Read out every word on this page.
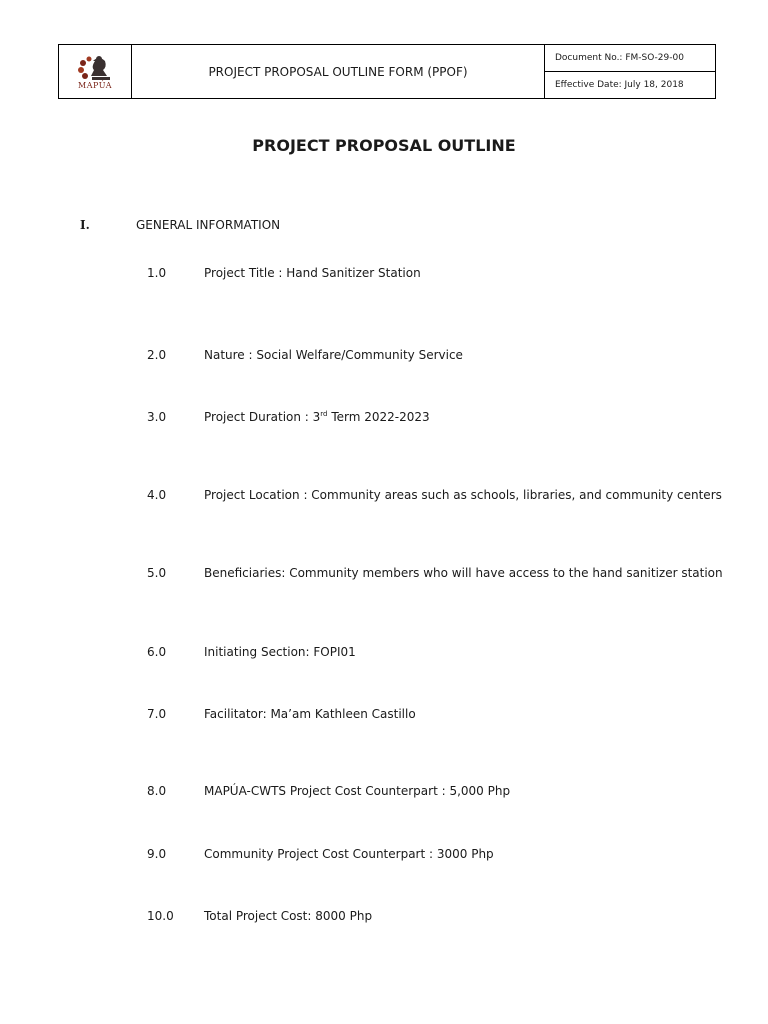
MAPÚA
PROJECT PROPOSAL OUTLINE FORM (PPOF)
Document No.: FM-SO-29-00
Effective Date: July 18, 2018
PROJECT PROPOSAL OUTLINE
I.	GENERAL INFORMATION
1.0	Project Title : Hand Sanitizer Station
2.0	Nature : Social Welfare/Community Service
3.0	Project Duration : 3rd Term 2022-2023
4.0	Project Location : Community areas such as schools, libraries, and community centers
5.0	Beneficiaries: Community members who will have access to the hand sanitizer station
6.0	Initiating Section: FOPI01
7.0	Facilitator: Ma’am Kathleen Castillo
8.0	MAPÚA-CWTS Project Cost Counterpart : 5,000 Php
9.0	Community Project Cost Counterpart : 3000 Php
10.0	Total Project Cost: 8000 Php
